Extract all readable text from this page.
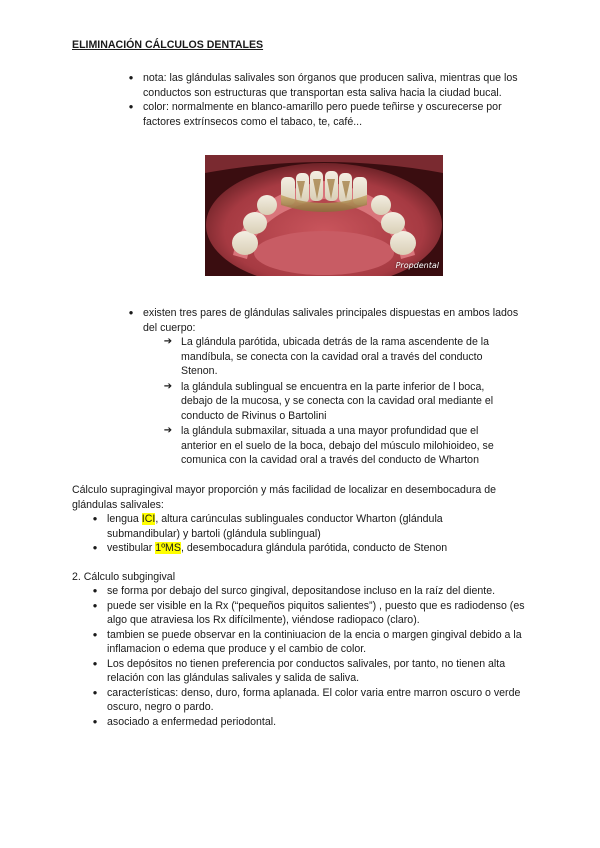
ELIMINACIÓN CÁLCULOS DENTALES
● nota: las glándulas salivales son órganos que producen saliva, mientras que los conductos son estructuras que transportan esta saliva hacia la ciudad bucal.
● color: normalmente en blanco-amarillo pero puede teñirse y oscurecerse por factores extrínsecos como el tabaco, te, café...
Propdental
● existen tres pares de glándulas salivales principales dispuestas en ambos lados del cuerpo:
➔ La glándula parótida, ubicada detrás de la rama ascendente de la mandíbula, se conecta con la cavidad oral a través del conducto Stenon.
➔ la glándula sublingual se encuentra en la parte inferior de l boca, debajo de la mucosa, y se conecta con la cavidad oral mediante el conducto de Rivinus o Bartolini
➔ la glándula submaxilar, situada a una mayor profundidad que el anterior en el suelo de la boca, debajo del músculo milohioideo, se comunica con la cavidad oral a través del conducto de Wharton
Cálculo supragingival mayor proporción y más facilidad de localizar en desembocadura de glándulas salivales:
● lengua ICI, altura carúnculas sublinguales conductor Wharton (glándula submandibular) y bartoli (glándula sublingual)
● vestibular 1ºMS, desembocadura glándula parótida, conducto de Stenon
2. Cálculo subgingival
● se forma por debajo del surco gingival, depositandose incluso en la raíz del diente.
● puede ser visible en la Rx (“pequeños piquitos salientes”) , puesto que es radiodenso (es algo que atraviesa los Rx difícilmente), viéndose radiopaco (claro).
● tambien se puede observar en la continiuacion de la encia o margen gingival debido a la inflamacion o edema que produce y el cambio de color.
● Los depósitos no tienen preferencia por conductos salivales, por tanto, no tienen alta relación con las glándulas salivales y salida de saliva.
● características: denso, duro, forma aplanada. El color varia entre marron oscuro o verde oscuro, negro o pardo.
● asociado a enfermedad periodontal.
